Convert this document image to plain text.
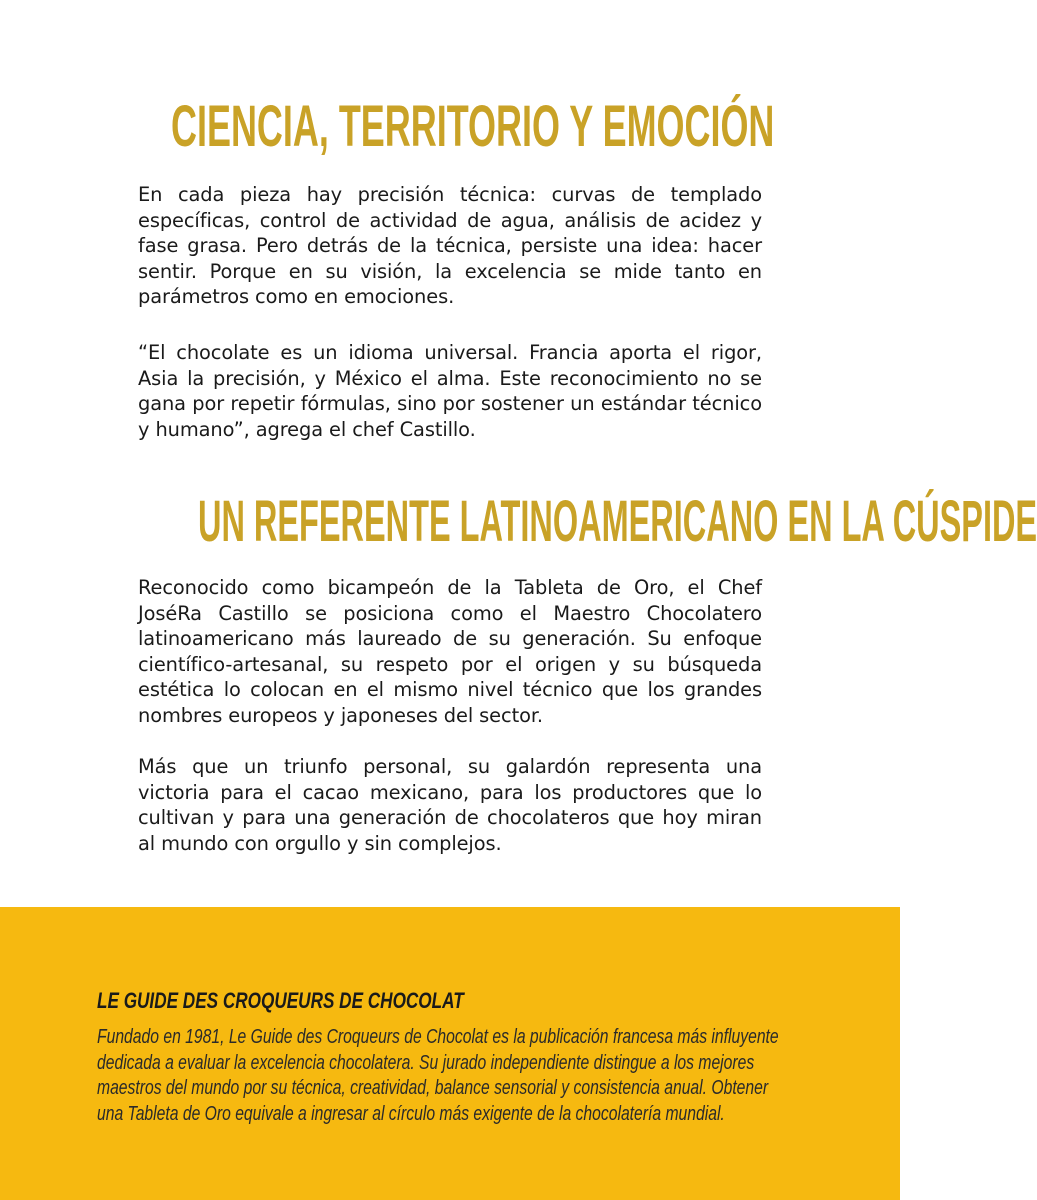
CIENCIA, TERRITORIO Y EMOCIÓN

En cada pieza hay precisión técnica: curvas de templado específicas, control de actividad de agua, análisis de acidez y fase grasa. Pero detrás de la técnica, persiste una idea: hacer sentir. Porque en su visión, la excelencia se mide tanto en parámetros como en emociones.

“El chocolate es un idioma universal. Francia aporta el rigor, Asia la precisión, y México el alma. Este reconocimiento no se gana por repetir fórmulas, sino por sostener un estándar técnico y humano”, agrega el chef Castillo.

UN REFERENTE LATINOAMERICANO EN LA CÚSPIDE

Reconocido como bicampeón de la Tableta de Oro, el Chef JoséRa Castillo se posiciona como el Maestro Chocolatero latinoamericano más laureado de su generación. Su enfoque científico-artesanal, su respeto por el origen y su búsqueda estética lo colocan en el mismo nivel técnico que los grandes nombres europeos y japoneses del sector.

Más que un triunfo personal, su galardón representa una victoria para el cacao mexicano, para los productores que lo cultivan y para una generación de chocolateros que hoy miran al mundo con orgullo y sin complejos.

LE GUIDE DES CROQUEURS DE CHOCOLAT
Fundado en 1981, Le Guide des Croqueurs de Chocolat es la publicación francesa más influyente
dedicada a evaluar la excelencia chocolatera. Su jurado independiente distingue a los mejores
maestros del mundo por su técnica, creatividad, balance sensorial y consistencia anual. Obtener
una Tableta de Oro equivale a ingresar al círculo más exigente de la chocolatería mundial.
